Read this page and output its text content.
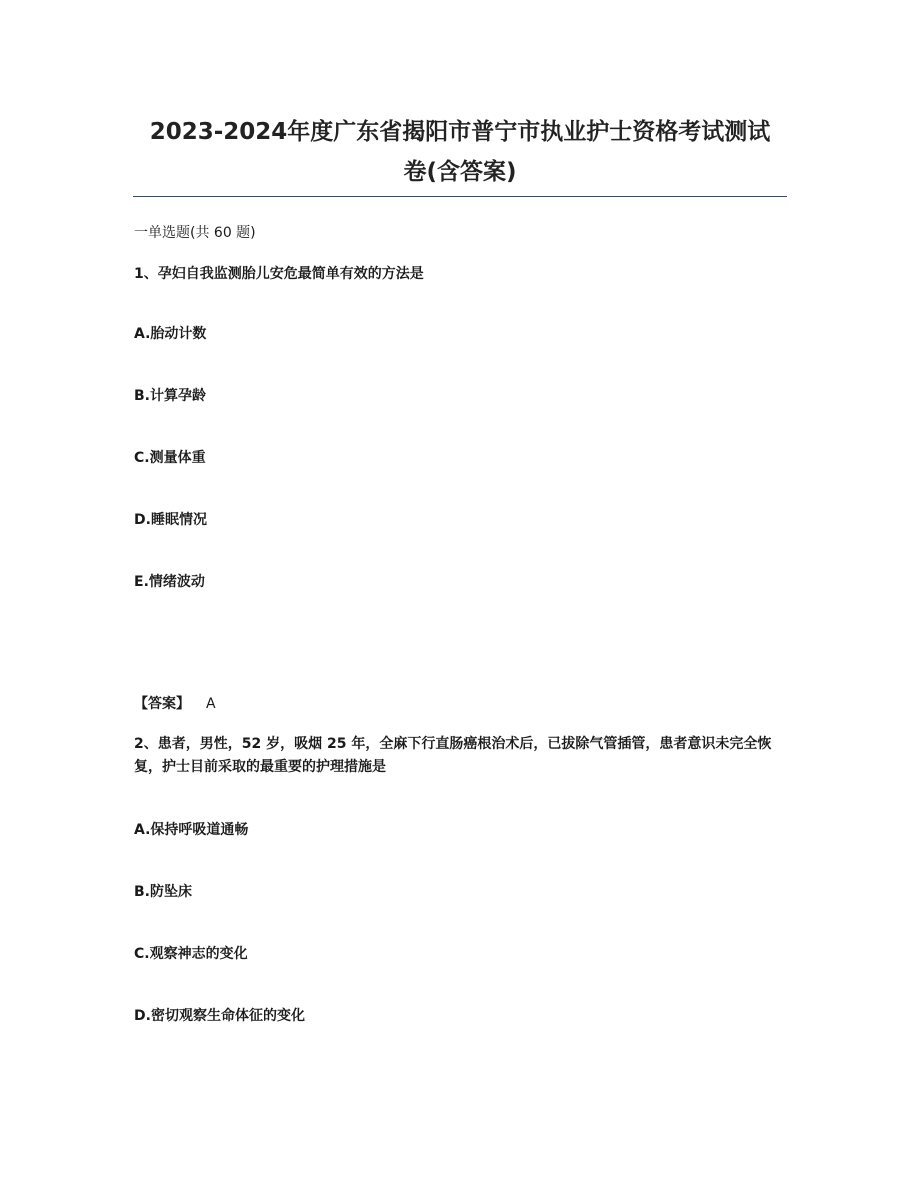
2023-2024年度广东省揭阳市普宁市执业护士资格考试测试
卷(含答案)
一单选题(共 60 题)
1、孕妇自我监测胎儿安危最简单有效的方法是
A.胎动计数
B.计算孕龄
C.测量体重
D.睡眠情况
E.情绪波动
【答案】 A
2、患者，男性，52 岁，吸烟 25 年，全麻下行直肠癌根治术后，已拔除气管插管，患者意识未完全恢复，护士目前采取的最重要的护理措施是
A.保持呼吸道通畅
B.防坠床
C.观察神志的变化
D.密切观察生命体征的变化
